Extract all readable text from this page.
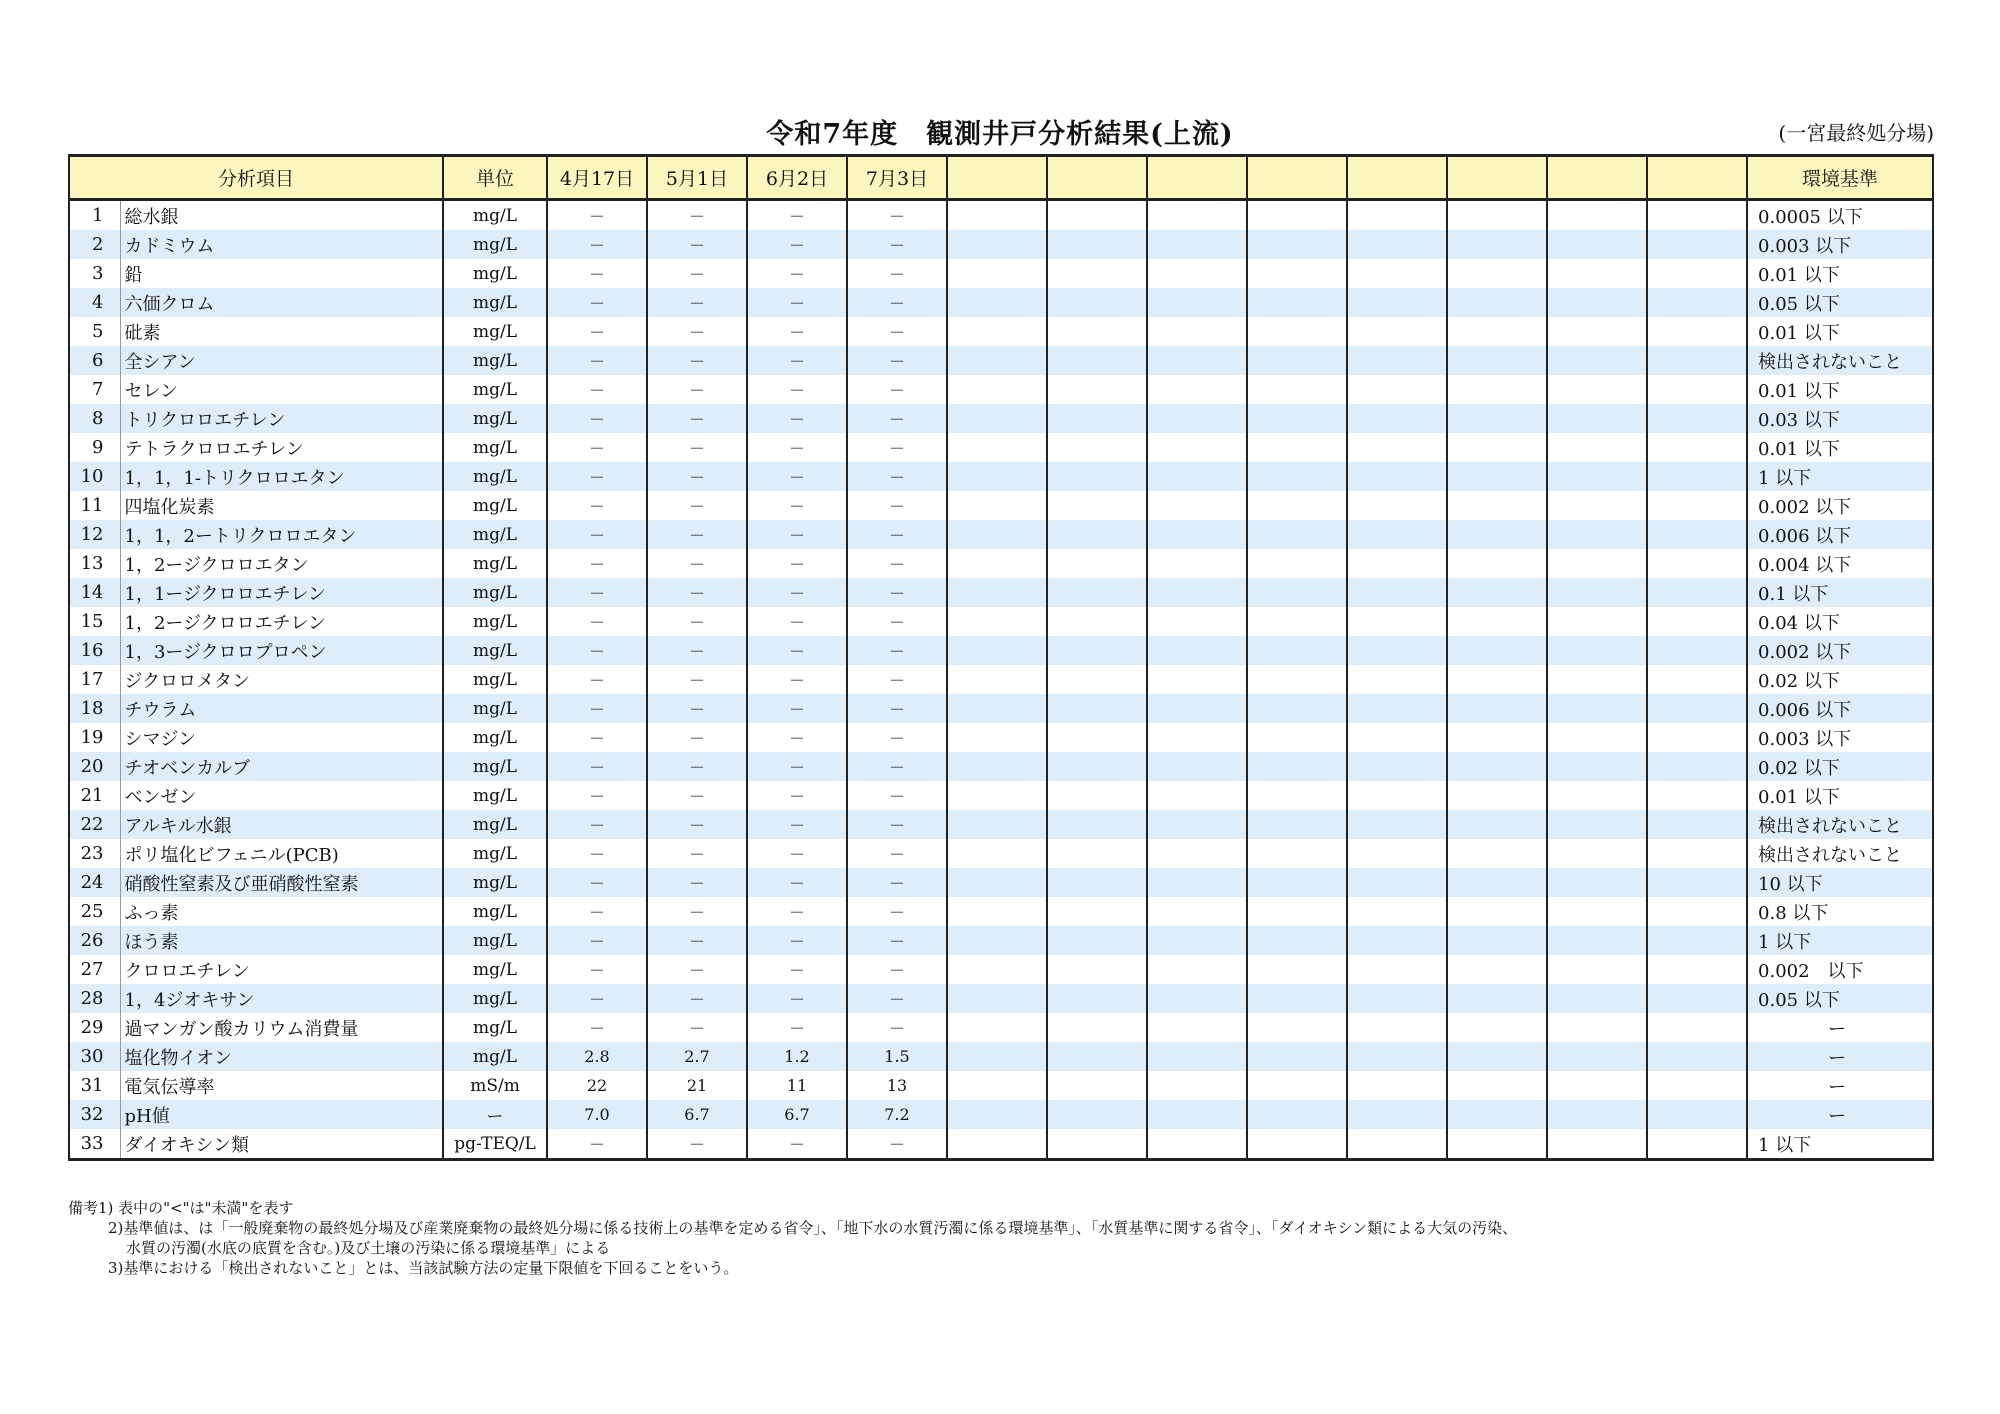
令和7年度　観測井戸分析結果(上流)	(一宮最終処分場)
分析項目		単位	4月17日	5月1日	6月2日	7月3日									環境基準
1	総水銀	mg/L	－	－	－	－									0.0005 以下
2	カドミウム	mg/L	－	－	－	－									0.003 以下
3	鉛	mg/L	－	－	－	－									0.01 以下
4	六価クロム	mg/L	－	－	－	－									0.05 以下
5	砒素	mg/L	－	－	－	－									0.01 以下
6	全シアン	mg/L	－	－	－	－									検出されないこと
7	セレン	mg/L	－	－	－	－									0.01 以下
8	トリクロロエチレン	mg/L	－	－	－	－									0.03 以下
9	テトラクロロエチレン	mg/L	－	－	－	－									0.01 以下
10	1，1，1-トリクロロエタン	mg/L	－	－	－	－									1 以下
11	四塩化炭素	mg/L	－	－	－	－									0.002 以下
12	1，1，2ートリクロロエタン	mg/L	－	－	－	－									0.006 以下
13	1，2ージクロロエタン	mg/L	－	－	－	－									0.004 以下
14	1，1ージクロロエチレン	mg/L	－	－	－	－									0.1 以下
15	1，2ージクロロエチレン	mg/L	－	－	－	－									0.04 以下
16	1，3ージクロロプロペン	mg/L	－	－	－	－									0.002 以下
17	ジクロロメタン	mg/L	－	－	－	－									0.02 以下
18	チウラム	mg/L	－	－	－	－									0.006 以下
19	シマジン	mg/L	－	－	－	－									0.003 以下
20	チオベンカルブ	mg/L	－	－	－	－									0.02 以下
21	ベンゼン	mg/L	－	－	－	－									0.01 以下
22	アルキル水銀	mg/L	－	－	－	－									検出されないこと
23	ポリ塩化ビフェニル(PCB)	mg/L	－	－	－	－									検出されないこと
24	硝酸性窒素及び亜硝酸性窒素	mg/L	－	－	－	－									10 以下
25	ふっ素	mg/L	－	－	－	－									0.8 以下
26	ほう素	mg/L	－	－	－	－									1 以下
27	クロロエチレン	mg/L	－	－	－	－									0.002　以下
28	1，4ジオキサン	mg/L	－	－	－	－									0.05 以下
29	過マンガン酸カリウム消費量	mg/L	－	－	－	－									ー
30	塩化物イオン	mg/L	2.8	2.7	1.2	1.5									ー
31	電気伝導率	mS/m	22	21	11	13									ー
32	pH値	ー	7.0	6.7	6.7	7.2									ー
33	ダイオキシン類	pg-TEQ/L	－	－	－	－									1 以下
備考1) 表中の"<"は"未満"を表す
2)基準値は、は「一般廃棄物の最終処分場及び産業廃棄物の最終処分場に係る技術上の基準を定める省令」、「地下水の水質汚濁に係る環境基準」、「水質基準に関する省令」、「ダイオキシン類による大気の汚染、
水質の汚濁(水底の底質を含む。)及び土壌の汚染に係る環境基準」による
3)基準における「検出されないこと」とは、当該試験方法の定量下限値を下回ることをいう。
